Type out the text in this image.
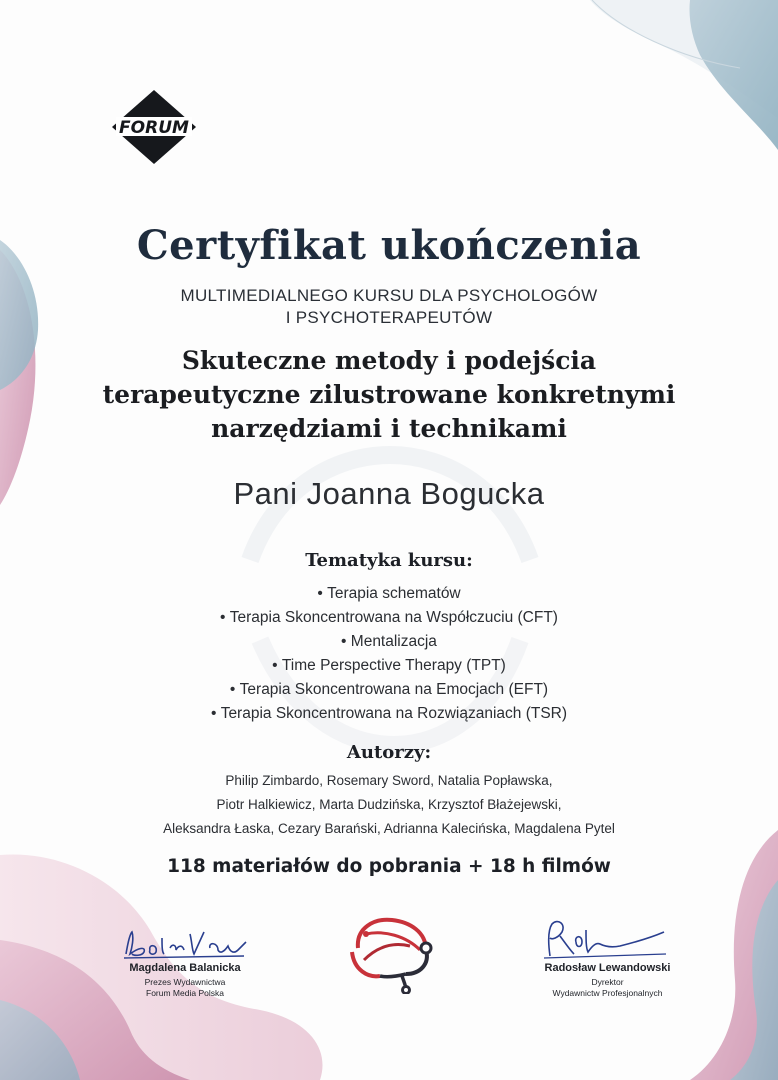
FORUM
Certyfikat ukończenia
MULTIMEDIALNEGO KURSU DLA PSYCHOLOGÓW
I PSYCHOTERAPEUTÓW
Skuteczne metody i podejścia
terapeutyczne zilustrowane konkretnymi
narzędziami i technikami
Pani Joanna Bogucka
Tematyka kursu:
• Terapia schematów
• Terapia Skoncentrowana na Współczuciu (CFT)
• Mentalizacja
• Time Perspective Therapy (TPT)
• Terapia Skoncentrowana na Emocjach (EFT)
• Terapia Skoncentrowana na Rozwiązaniach (TSR)
Autorzy:
Philip Zimbardo, Rosemary Sword, Natalia Popławska,
Piotr Halkiewicz, Marta Dudzińska, Krzysztof Błażejewski,
Aleksandra Łaska, Cezary Barański, Adrianna Kalecińska, Magdalena Pytel
118 materiałów do pobrania + 18 h filmów
Magdalena Balanicka
Prezes Wydawnictwa
Forum Media Polska
Radosław Lewandowski
Dyrektor
Wydawnictw Profesjonalnych
